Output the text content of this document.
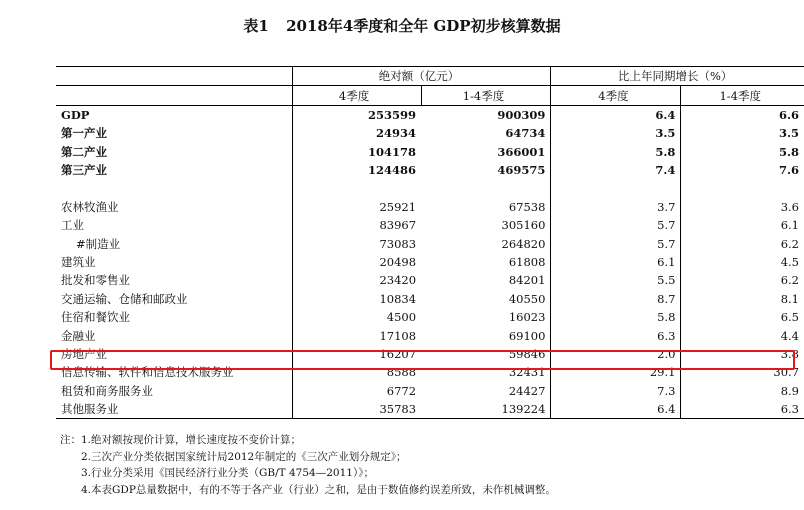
表1 2018年4季度和全年 GDP初步核算数据
	绝对额（亿元）		比上年同期增长（%）	
	4季度	1-4季度	4季度	1-4季度
GDP	253599	900309	6.4	6.6
第一产业	24934	64734	3.5	3.5
第二产业	104178	366001	5.8	5.8
第三产业	124486	469575	7.4	7.6

农林牧渔业	25921	67538	3.7	3.6
工业	83967	305160	5.7	6.1
#制造业	73083	264820	5.7	6.2
建筑业	20498	61808	6.1	4.5
批发和零售业	23420	84201	5.5	6.2
交通运输、仓储和邮政业	10834	40550	8.7	8.1
住宿和餐饮业	4500	16023	5.8	6.5
金融业	17108	69100	6.3	4.4
房地产业	16207	59846	2.0	3.8
信息传输、软件和信息技术服务业	8588	32431	29.1	30.7
租赁和商务服务业	6772	24427	7.3	8.9
其他服务业	35783	139224	6.4	6.3
注：1.绝对额按现价计算，增长速度按不变价计算；
2.三次产业分类依据国家统计局2012年制定的《三次产业划分规定》；
3.行业分类采用《国民经济行业分类（GB/T 4754—2011）》；
4.本表GDP总量数据中，有的不等于各产业（行业）之和，是由于数值修约误差所致，未作机械调整。
